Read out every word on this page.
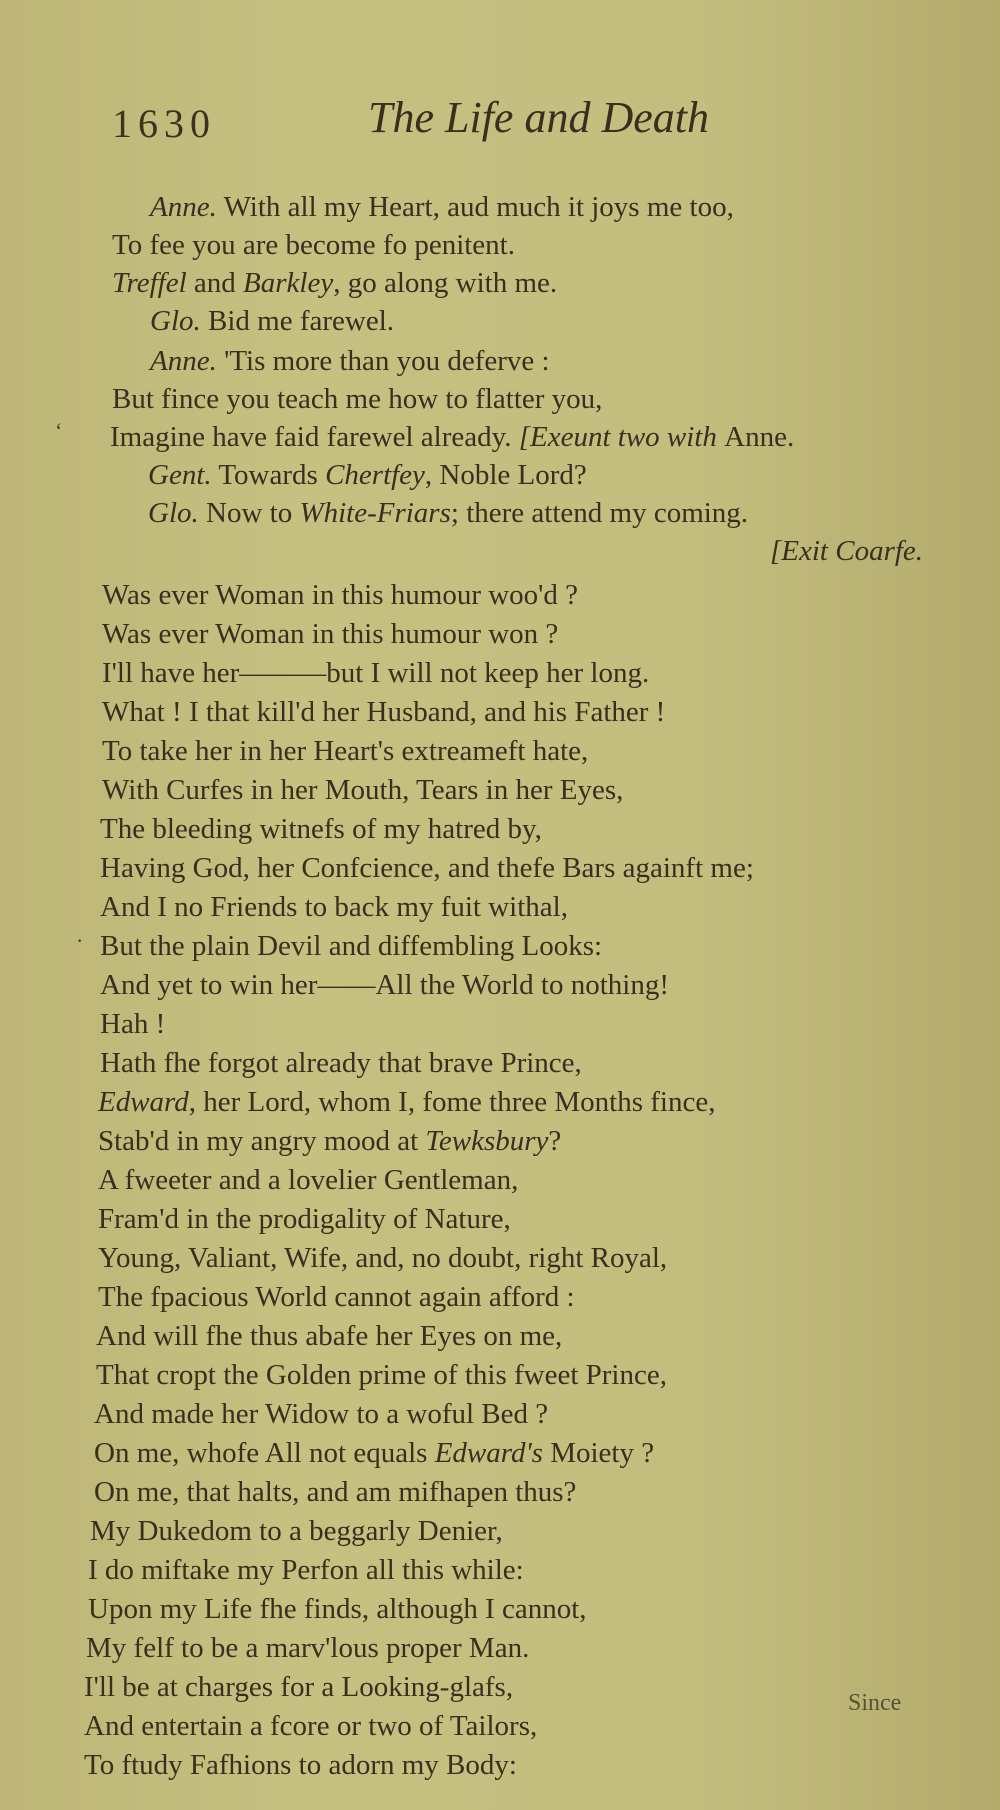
1630	The Life and Death
Anne. With all my Heart, aud much it joys me too,
To fee you are become fo penitent.
Treffel and Barkley, go along with me.
Glo. Bid me farewel.
Anne. 'Tis more than you deferve :
But fince you teach me how to flatter you,
‘ Imagine have faid farewel already. [Exeunt two with Anne.
Gent. Towards Chertfey, Noble Lord?
Glo. Now to White-Friars; there attend my coming.
[Exit Coarfe.
Was ever Woman in this humour woo'd ?
Was ever Woman in this humour won ?
I'll have her———but I will not keep her long.
What ! I that kill'd her Husband, and his Father !
To take her in her Heart's extreameft hate,
With Curfes in her Mouth, Tears in her Eyes,
The bleeding witnefs of my hatred by,
Having God, her Confcience, and thefe Bars againft me;
And I no Friends to back my fuit withal,
· But the plain Devil and diffembling Looks:
And yet to win her——All the World to nothing!
Hah !
Hath fhe forgot already that brave Prince,
Edward, her Lord, whom I, fome three Months fince,
Stab'd in my angry mood at Tewksbury?
A fweeter and a lovelier Gentleman,
Fram'd in the prodigality of Nature,
Young, Valiant, Wife, and, no doubt, right Royal,
The fpacious World cannot again afford :
And will fhe thus abafe her Eyes on me,
That cropt the Golden prime of this fweet Prince,
And made her Widow to a woful Bed ?
On me, whofe All not equals Edward's Moiety ?
On me, that halts, and am mifhapen thus?
My Dukedom to a beggarly Denier,
I do miftake my Perfon all this while:
Upon my Life fhe finds, although I cannot,
My felf to be a marv'lous proper Man.
I'll be at charges for a Looking-glafs,
And entertain a fcore or two of Tailors,
To ftudy Fafhions to adorn my Body:
Since
